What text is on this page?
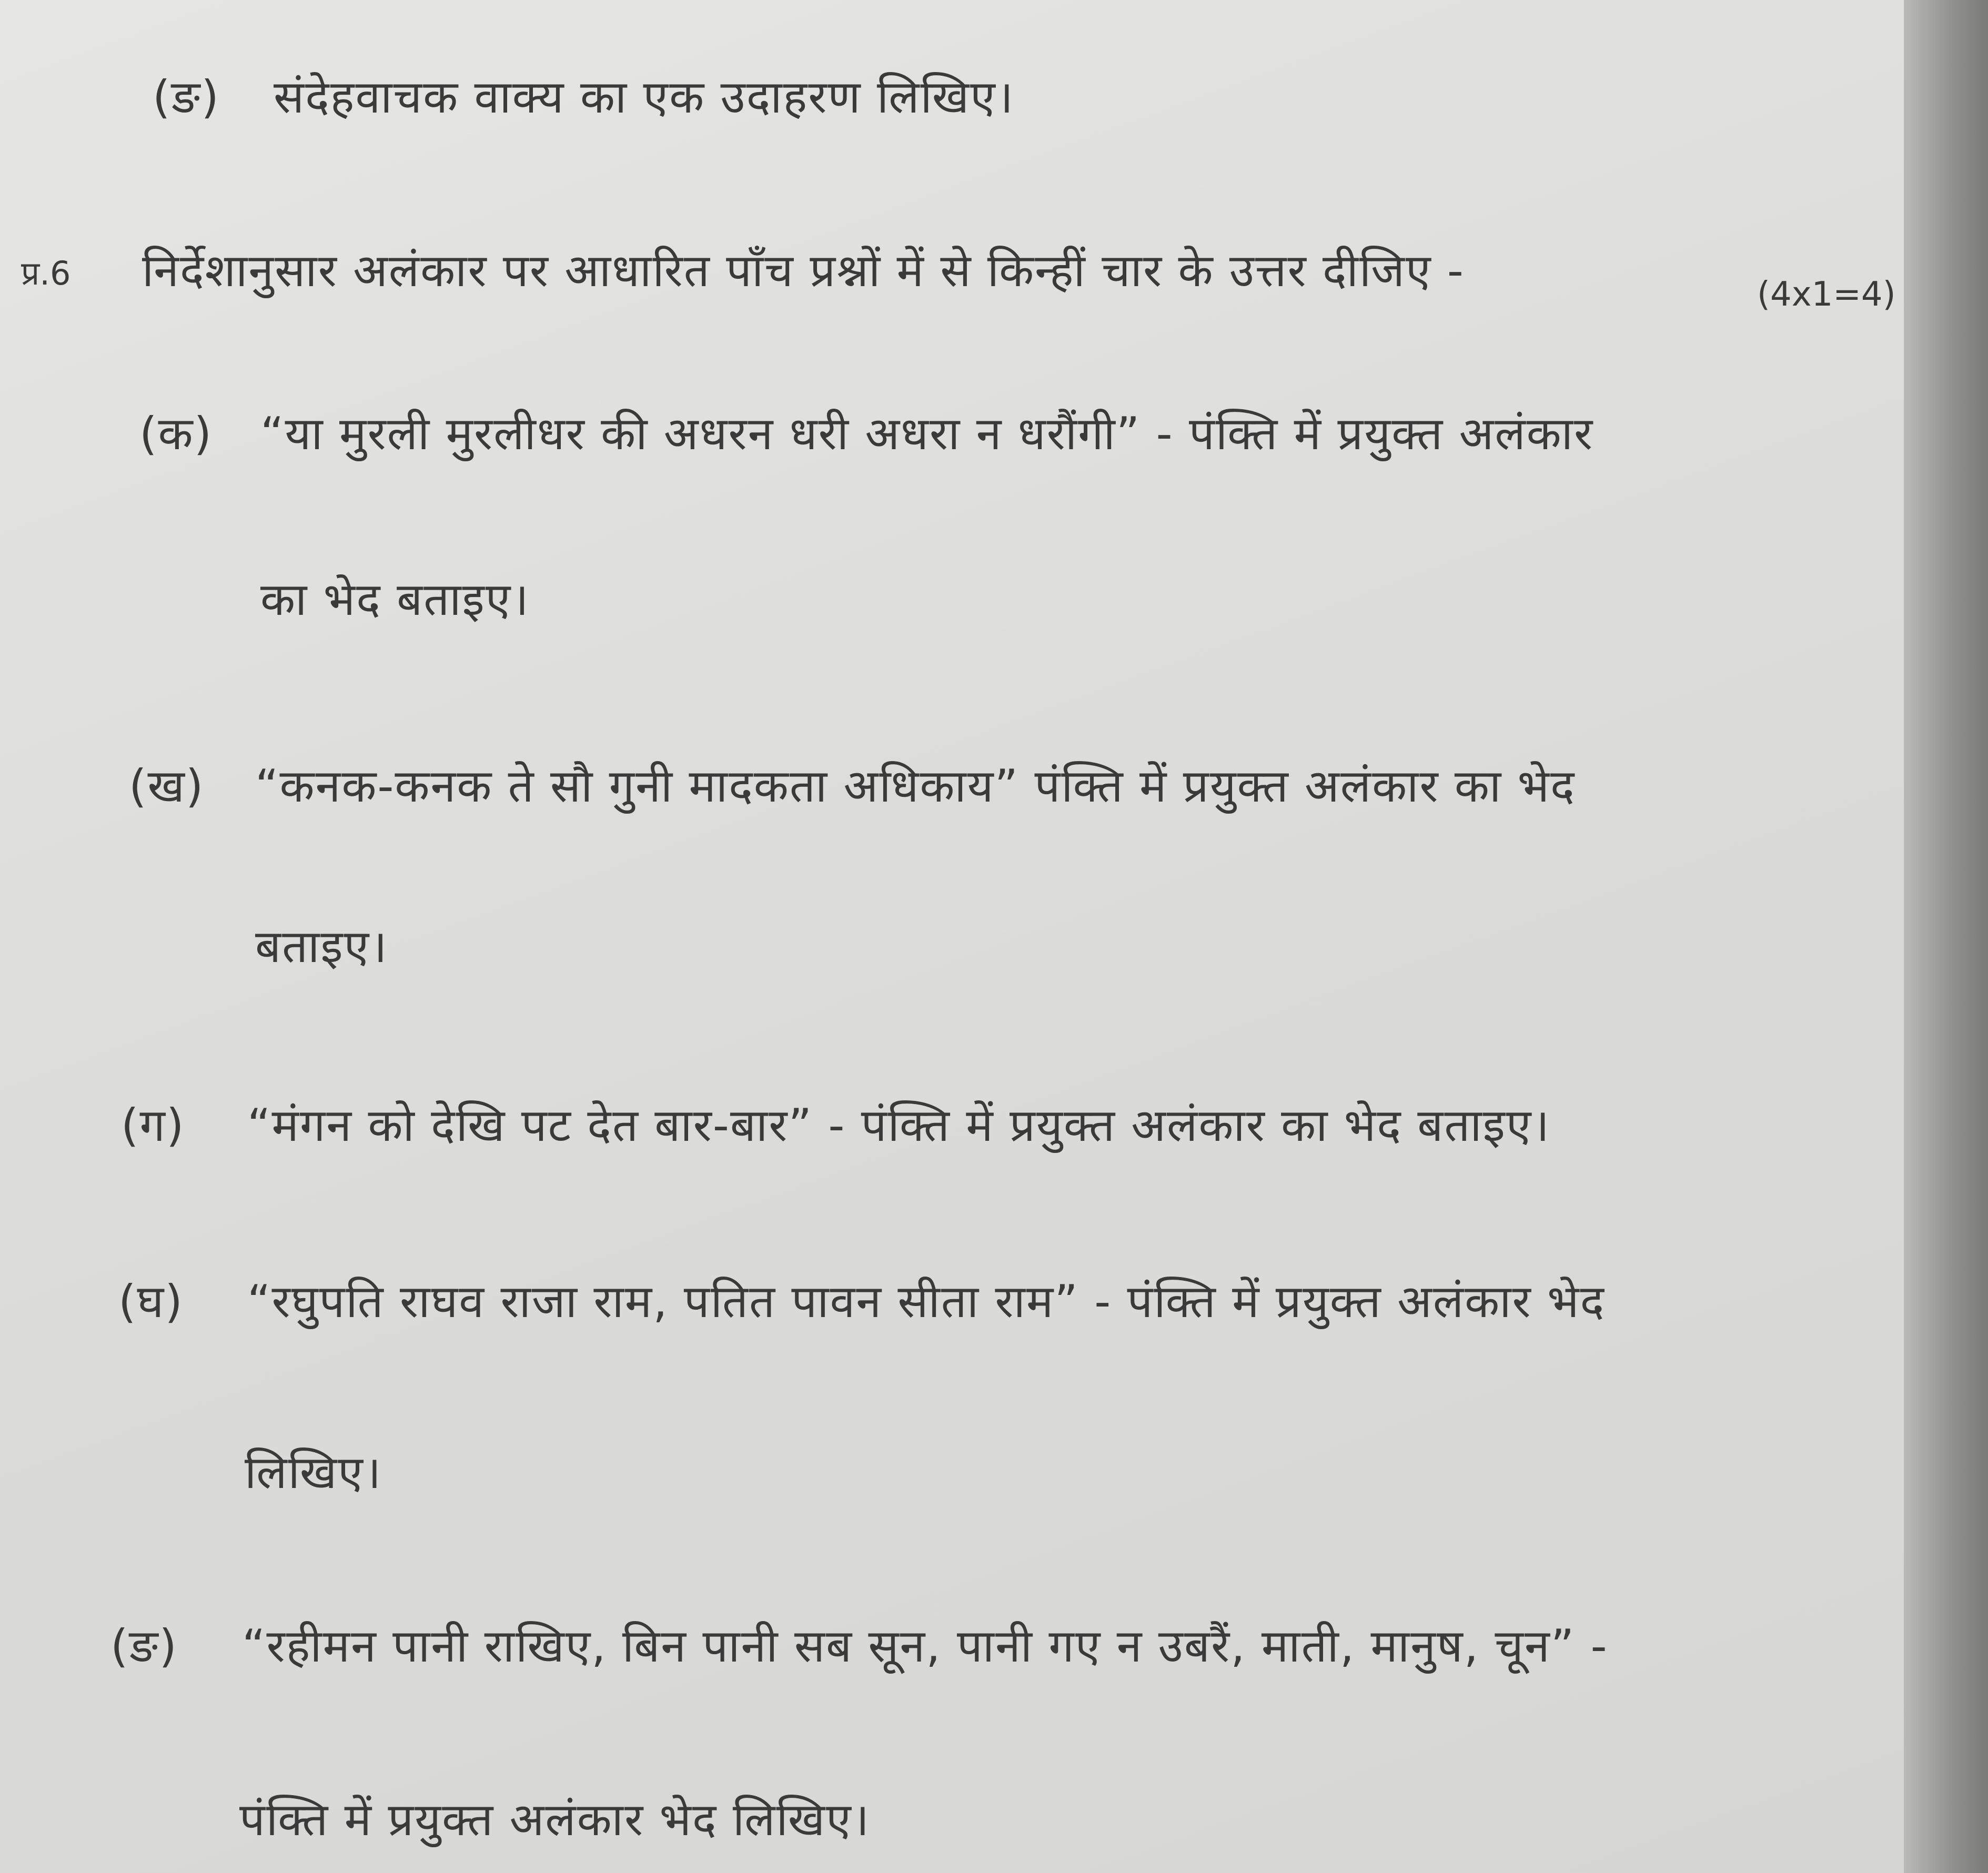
(ङ) संदेहवाचक वाक्य का एक उदाहरण लिखिए।
प्र.6 निर्देशानुसार अलंकार पर आधारित पाँच प्रश्नों में से किन्हीं चार के उत्तर दीजिए -	(4x1=4)
(क) “या मुरली मुरलीधर की अधरन धरी अधरा न धरौंगी” - पंक्ति में प्रयुक्त अलंकार
का भेद बताइए।
(ख) “कनक-कनक ते सौ गुनी मादकता अधिकाय” पंक्ति में प्रयुक्त अलंकार का भेद
बताइए।
(ग) “मंगन को देखि पट देत बार-बार” - पंक्ति में प्रयुक्त अलंकार का भेद बताइए।
(घ) “रघुपति राघव राजा राम, पतित पावन सीता राम” - पंक्ति में प्रयुक्त अलंकार भेद
लिखिए।
(ङ) “रहीमन पानी राखिए, बिन पानी सब सून, पानी गए न उबरैं, माती, मानुष, चून” -
पंक्ति में प्रयुक्त अलंकार भेद लिखिए।
